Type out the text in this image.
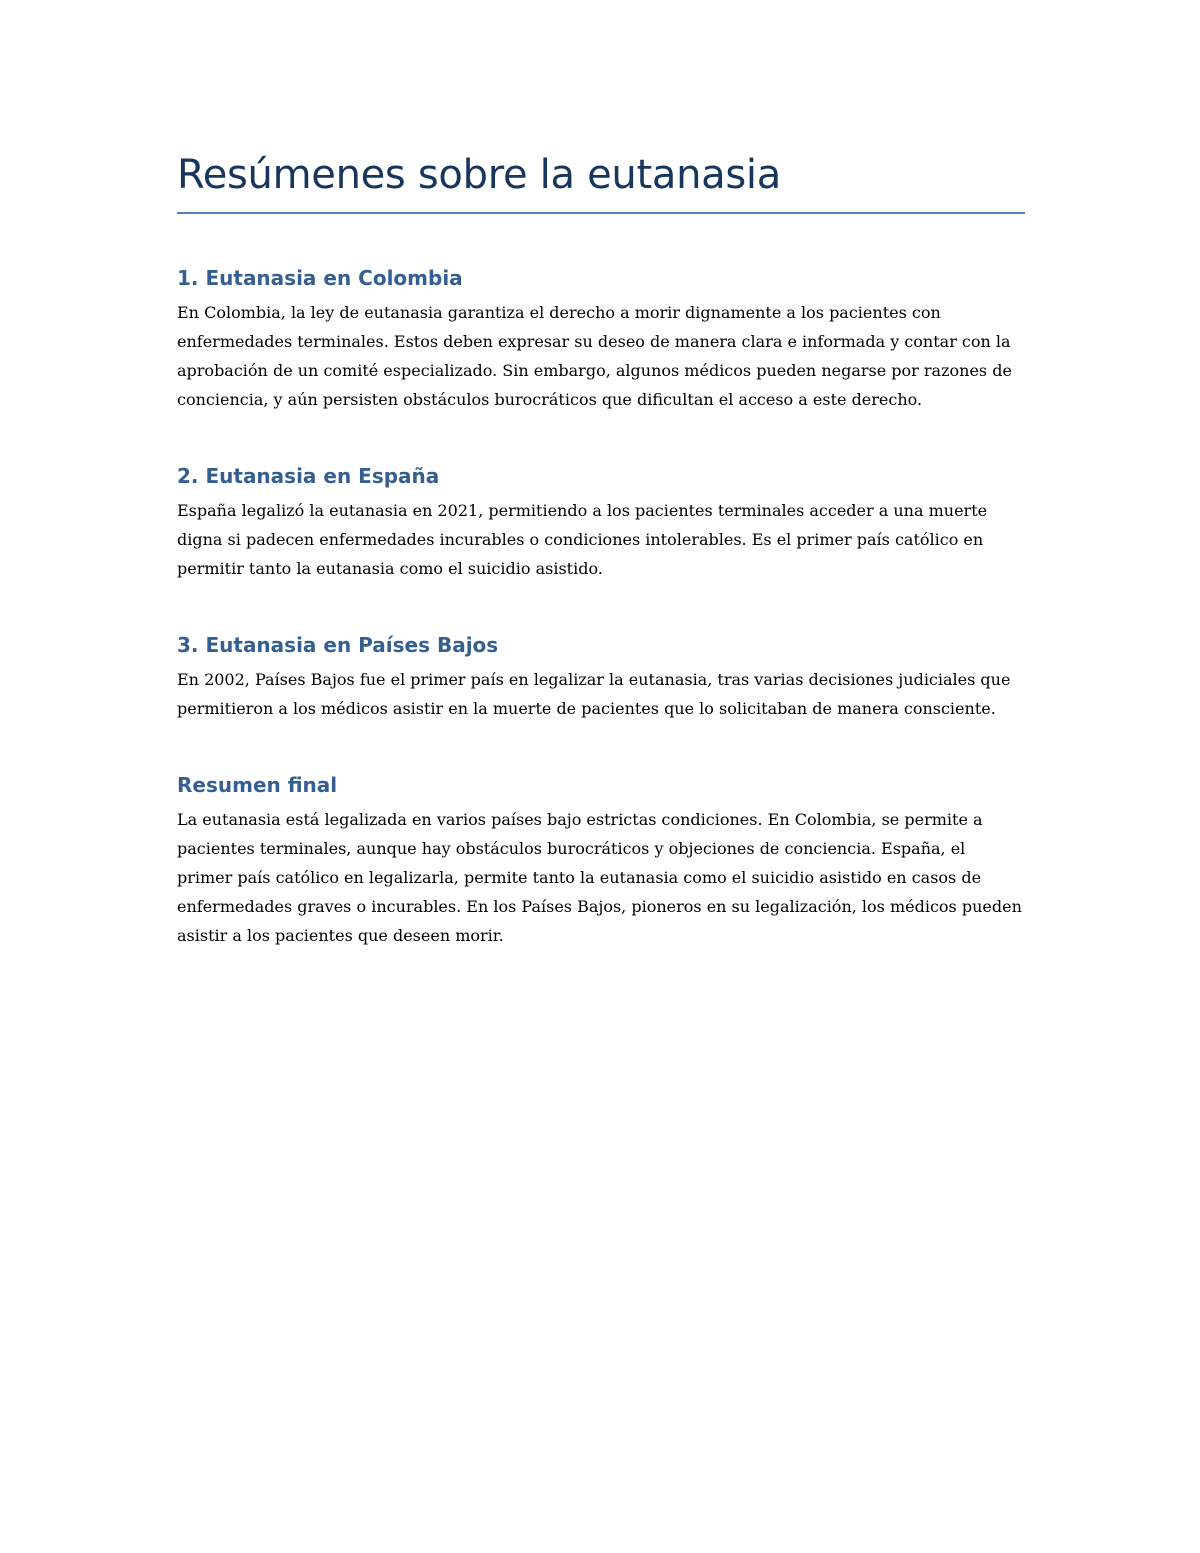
Resúmenes sobre la eutanasia
1. Eutanasia en Colombia

En Colombia, la ley de eutanasia garantiza el derecho a morir dignamente a los pacientes con enfermedades terminales. Estos deben expresar su deseo de manera clara e informada y contar con la aprobación de un comité especializado. Sin embargo, algunos médicos pueden negarse por razones de conciencia, y aún persisten obstáculos burocráticos que dificultan el acceso a este derecho.

2. Eutanasia en España

España legalizó la eutanasia en 2021, permitiendo a los pacientes terminales acceder a una muerte digna si padecen enfermedades incurables o condiciones intolerables. Es el primer país católico en permitir tanto la eutanasia como el suicidio asistido.

3. Eutanasia en Países Bajos

En 2002, Países Bajos fue el primer país en legalizar la eutanasia, tras varias decisiones judiciales que permitieron a los médicos asistir en la muerte de pacientes que lo solicitaban de manera consciente.

Resumen final

La eutanasia está legalizada en varios países bajo estrictas condiciones. En Colombia, se permite a pacientes terminales, aunque hay obstáculos burocráticos y objeciones de conciencia. España, el primer país católico en legalizarla, permite tanto la eutanasia como el suicidio asistido en casos de enfermedades graves o incurables. En los Países Bajos, pioneros en su legalización, los médicos pueden asistir a los pacientes que deseen morir.
